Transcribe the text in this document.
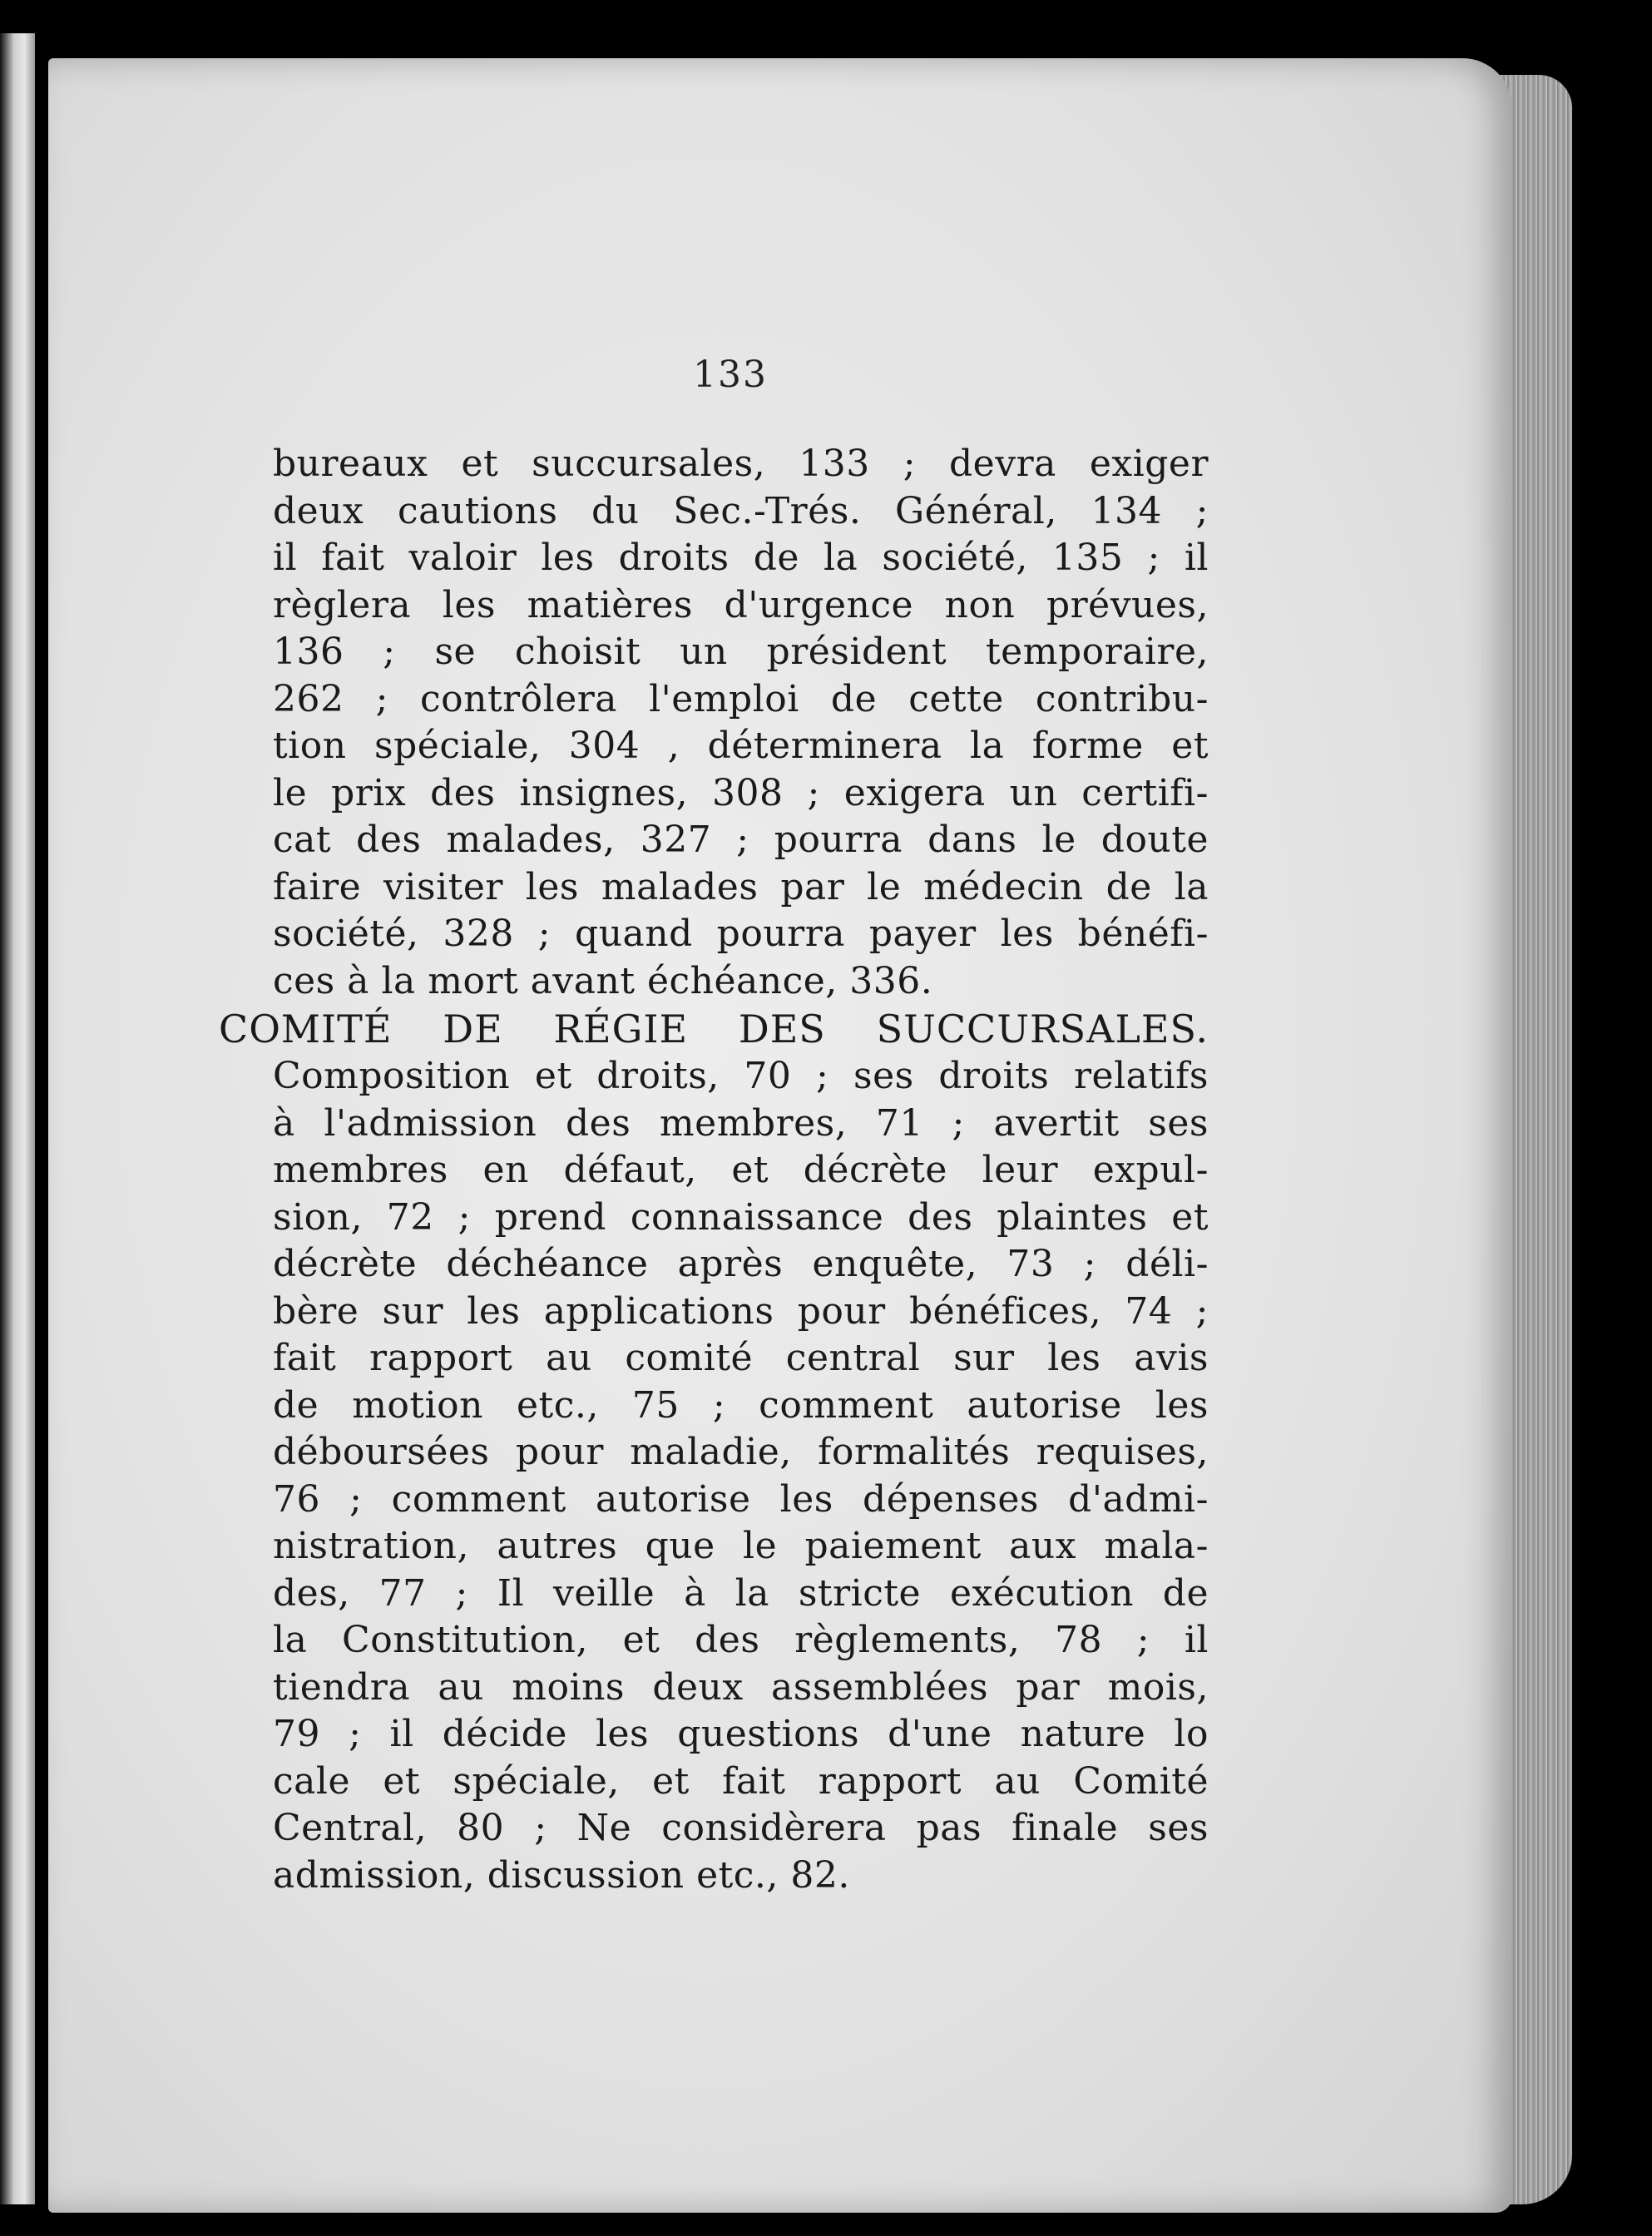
133
bureaux et succursales, 133 ; devra exiger
deux cautions du Sec.-Trés. Général, 134 ;
il fait valoir les droits de la société, 135 ; il
règlera les matières d'urgence non prévues,
136 ; se choisit un président temporaire,
262 ; contrôlera l'emploi de cette contribu-
tion spéciale, 304 , déterminera la forme et
le prix des insignes, 308 ; exigera un certifi-
cat des malades, 327 ; pourra dans le doute
faire visiter les malades par le médecin de la
société, 328 ; quand pourra payer les bénéfi-
ces à la mort avant échéance, 336.
COMITÉ DE RÉGIE DES SUCCURSALES.
Composition et droits, 70 ; ses droits relatifs
à l'admission des membres, 71 ; avertit ses
membres en défaut, et décrète leur expul-
sion, 72 ; prend connaissance des plaintes et
décrète déchéance après enquête, 73 ; déli-
bère sur les applications pour bénéfices, 74 ;
fait rapport au comité central sur les avis
de motion etc., 75 ; comment autorise les
déboursées pour maladie, formalités requises,
76 ; comment autorise les dépenses d'admi-
nistration, autres que le paiement aux mala-
des, 77 ; Il veille à la stricte exécution de
la Constitution, et des règlements, 78 ; il
tiendra au moins deux assemblées par mois,
79 ; il décide les questions d'une nature lo
cale et spéciale, et fait rapport au Comité
Central, 80 ; Ne considèrera pas finale ses
admission, discussion etc., 82.
